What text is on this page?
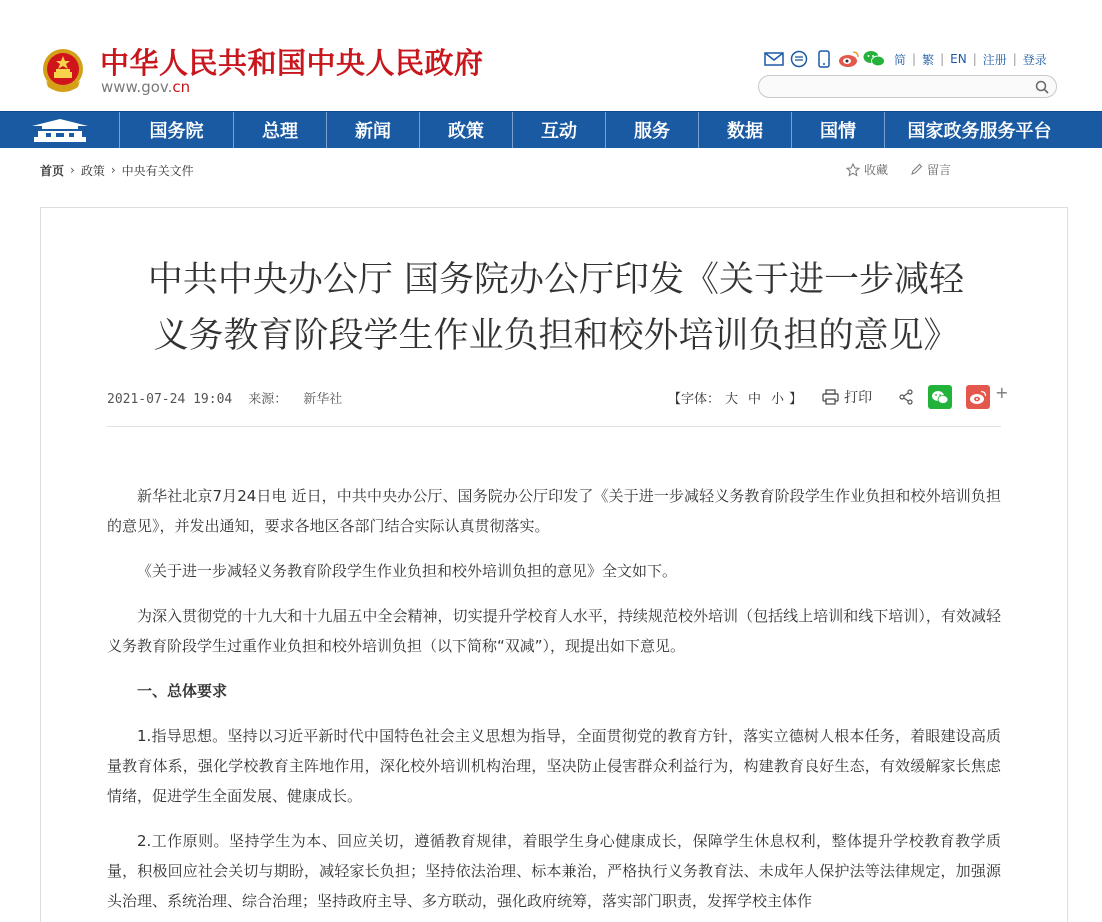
中华人民共和国中央人民政府
www.gov.cn
简 | 繁 | EN | 注册 | 登录
国务院	总理	新闻	政策	互动	服务	数据	国情	国家政务服务平台
首页 › 政策 › 中央有关文件	收藏	留言
中共中央办公厅 国务院办公厅印发《关于进一步减轻
义务教育阶段学生作业负担和校外培训负担的意见》
2021-07-24 19:04 来源： 新华社	【字体： 大 中 小 】	打印	+

新华社北京7月24日电 近日，中共中央办公厅、国务院办公厅印发了《关于进一步减轻义务教育阶段学生作业负担和校外培训负担的意见》，并发出通知，要求各地区各部门结合实际认真贯彻落实。

《关于进一步减轻义务教育阶段学生作业负担和校外培训负担的意见》全文如下。

为深入贯彻党的十九大和十九届五中全会精神，切实提升学校育人水平，持续规范校外培训（包括线上培训和线下培训），有效减轻义务教育阶段学生过重作业负担和校外培训负担（以下简称“双减”），现提出如下意见。

一、总体要求

1.指导思想。坚持以习近平新时代中国特色社会主义思想为指导，全面贯彻党的教育方针，落实立德树人根本任务，着眼建设高质量教育体系，强化学校教育主阵地作用，深化校外培训机构治理，坚决防止侵害群众利益行为，构建教育良好生态，有效缓解家长焦虑情绪，促进学生全面发展、健康成长。

2.工作原则。坚持学生为本、回应关切，遵循教育规律，着眼学生身心健康成长，保障学生休息权利，整体提升学校教育教学质量，积极回应社会关切与期盼，减轻家长负担；坚持依法治理、标本兼治，严格执行义务教育法、未成年人保护法等法律规定，加强源头治理、系统治理、综合治理；坚持政府主导、多方联动，强化政府统筹，落实部门职责，发挥学校主体作
